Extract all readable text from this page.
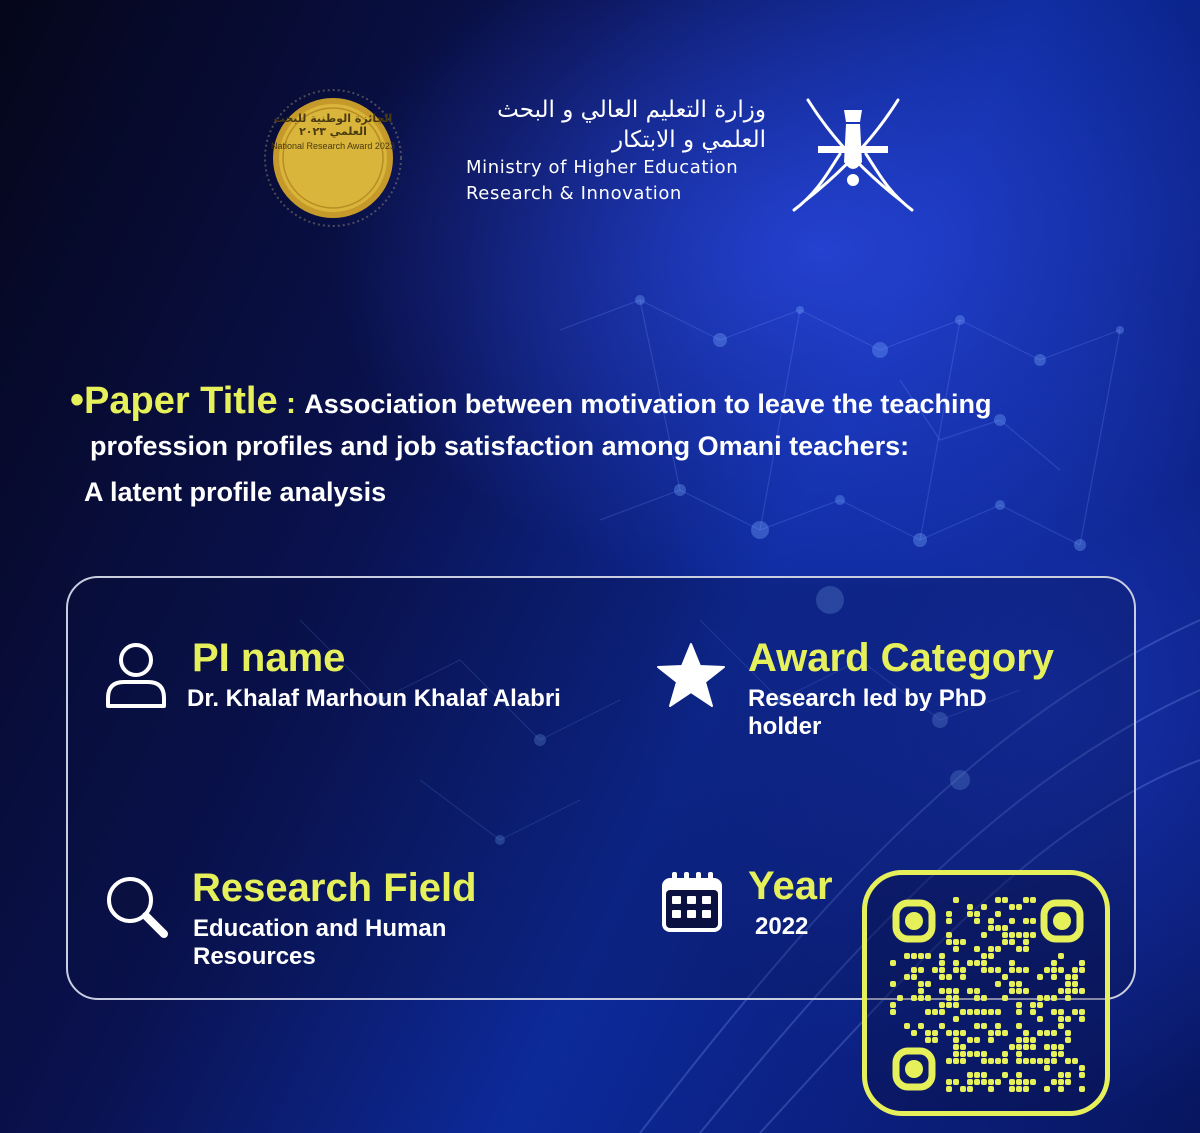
الجائزة الوطنية للبحث العلمي ٢٠٢٣
National Research Award 2023
وزارة التعليم العالي و البحث العلمي و الابتكار
Ministry of Higher Education
Research & Innovation
•Paper Title : Association between motivation to leave the teaching
profession profiles and job satisfaction among Omani teachers:
A latent profile analysis
PI name
Dr. Khalaf Marhoun Khalaf Alabri
Award Category
Research led by PhD holder
Research Field
Education and Human Resources
Year
2022
